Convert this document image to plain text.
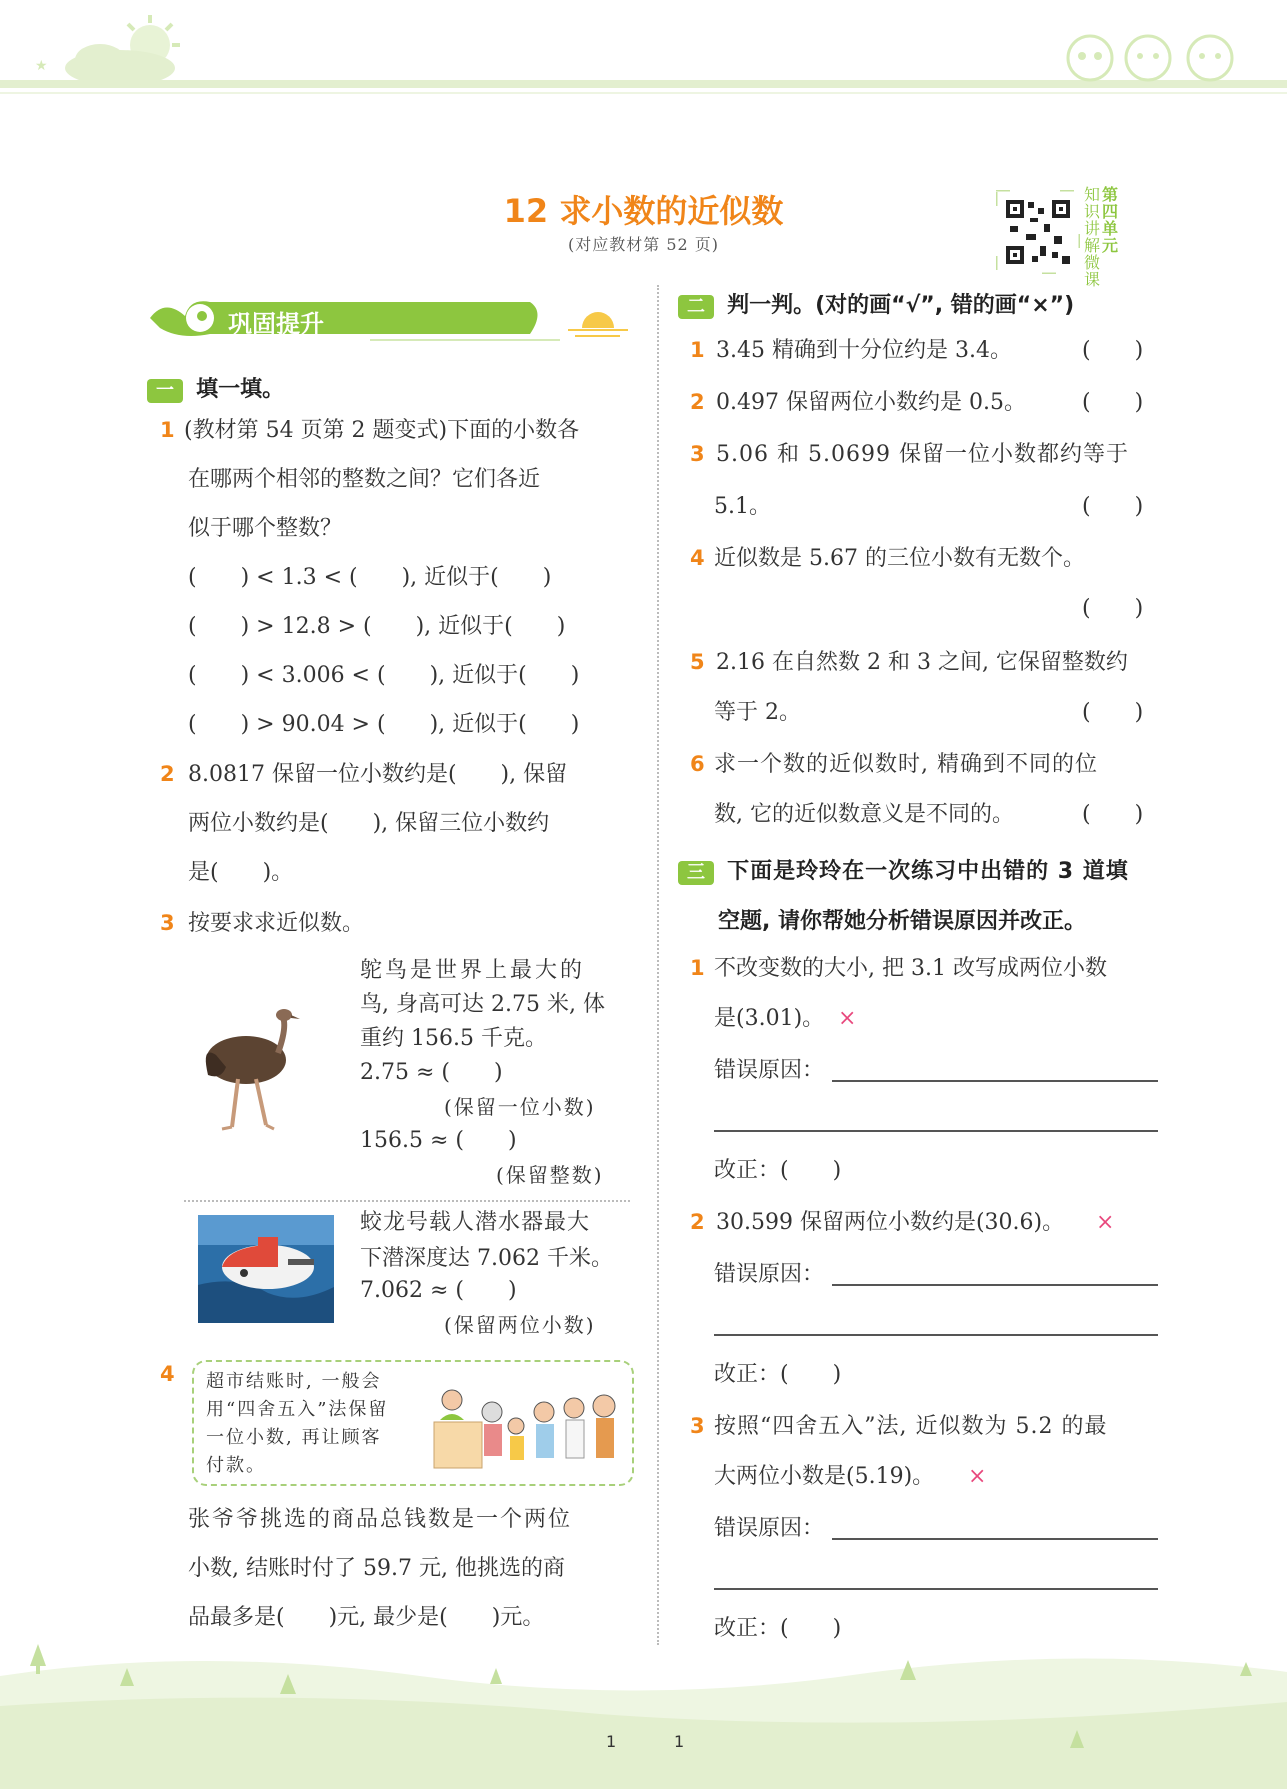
★
12 求小数的近似数
(对应教材第 52 页)
知识讲解微课
第四单元
巩固提升
一 填一填。
1 (教材第 54 页第 2 题变式)下面的小数各
在哪两个相邻的整数之间？它们各近
似于哪个整数？
(　　) < 1.3 < (　　), 近似于(　　)
(　　) > 12.8 > (　　), 近似于(　　)
(　　) < 3.006 < (　　), 近似于(　　)
(　　) > 90.04 > (　　), 近似于(　　)
2 8.0817 保留一位小数约是(　　), 保留
两位小数约是(　　), 保留三位小数约
是(　　)。
3 按要求求近似数。
鸵鸟是世界上最大的
鸟, 身高可达 2.75 米, 体
重约 156.5 千克。
2.75 ≈ (　　)
(保留一位小数)
156.5 ≈ (　　)
(保留整数)
蛟龙号载人潜水器最大
下潜深度达 7.062 千米。
7.062 ≈ (　　)
(保留两位小数)
4 超市结账时, 一般会
用“四舍五入”法保留
一位小数, 再让顾客
付款。
张爷爷挑选的商品总钱数是一个两位
小数, 结账时付了 59.7 元, 他挑选的商
品最多是(　　)元, 最少是(　　)元。
二 判一判。(对的画“√”, 错的画“×”)
1 3.45 精确到十分位约是 3.4。	(　　)
2 0.497 保留两位小数约是 0.5。	(　　)
3 5.06 和 5.0699 保留一位小数都约等于
5.1。	(　　)
4 近似数是 5.67 的三位小数有无数个。
(　　)
5 2.16 在自然数 2 和 3 之间, 它保留整数约
等于 2。	(　　)
6 求一个数的近似数时, 精确到不同的位
数, 它的近似数意义是不同的。	(　　)
三 下面是玲玲在一次练习中出错的 3 道填
空题, 请你帮她分析错误原因并改正。
1 不改变数的大小, 把 3.1 改写成两位小数
是(3.01)。 ×
错误原因：
改正：(　　)
2 30.599 保留两位小数约是(30.6)。 ×
错误原因：
改正：(　　)
3 按照“四舍五入”法, 近似数为 5.2 的最
大两位小数是(5.19)。 ×
错误原因：
改正：(　　)
1	1
